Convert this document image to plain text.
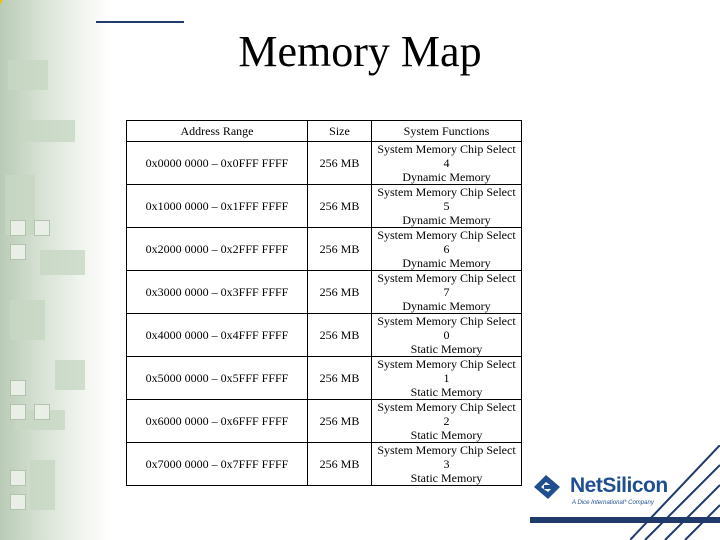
Memory Map
Address Range	Size	System Functions
0x0000 0000 – 0x0FFF FFFF	256 MB	System Memory Chip Select 4
Dynamic Memory
0x1000 0000 – 0x1FFF FFFF	256 MB	System Memory Chip Select 5
Dynamic Memory
0x2000 0000 – 0x2FFF FFFF	256 MB	System Memory Chip Select 6
Dynamic Memory
0x3000 0000 – 0x3FFF FFFF	256 MB	System Memory Chip Select 7
Dynamic Memory
0x4000 0000 – 0x4FFF FFFF	256 MB	System Memory Chip Select 0
Static Memory
0x5000 0000 – 0x5FFF FFFF	256 MB	System Memory Chip Select 1
Static Memory
0x6000 0000 – 0x6FFF FFFF	256 MB	System Memory Chip Select 2
Static Memory
0x7000 0000 – 0x7FFF FFFF	256 MB	System Memory Chip Select 3
Static Memory	NetSilicon
A Dice International* Company
